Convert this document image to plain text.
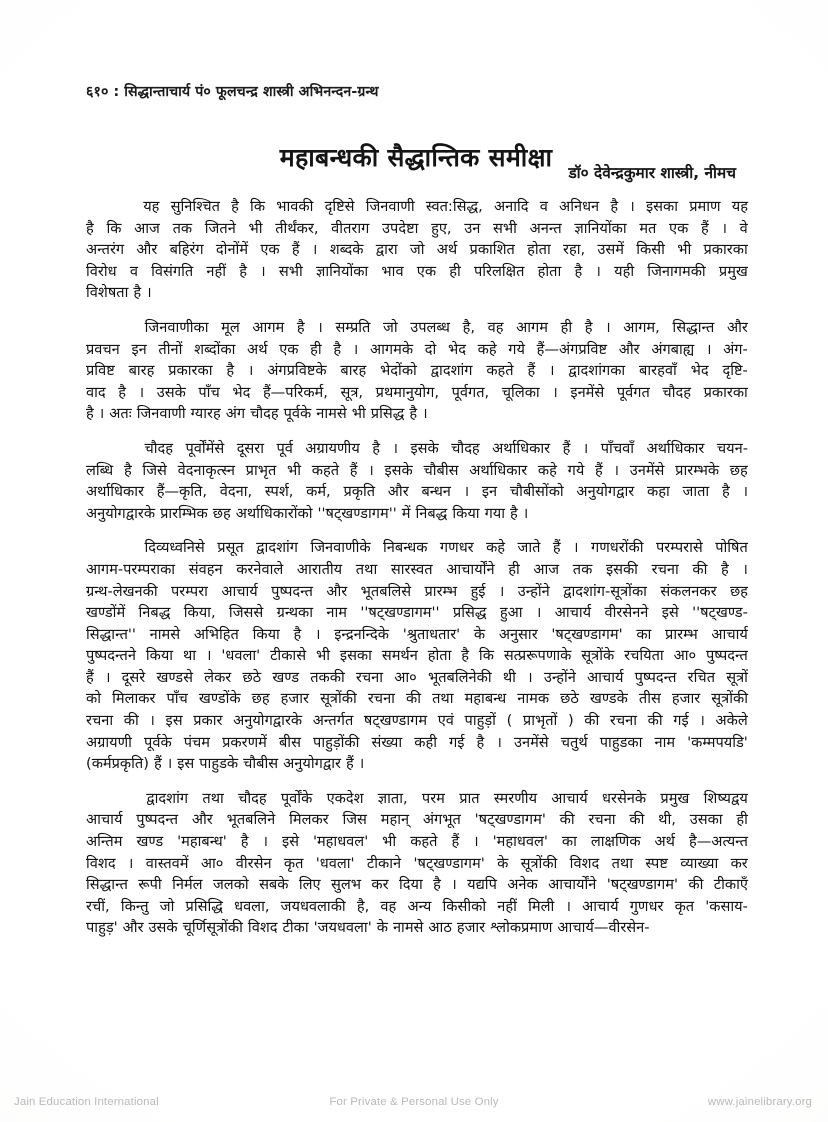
६१० : सिद्धान्ताचार्य पं० फूलचन्द्र शास्त्री अभिनन्दन-ग्रन्थ
महाबन्धकी सैद्धान्तिक समीक्षा
डॉ० देवेन्द्रकुमार शास्त्री, नीमच

यह सुनिश्चित है कि भावकी दृष्टिसे जिनवाणी स्वत:सिद्ध, अनादि व अनिधन है । इसका प्रमाण यह
है कि आज तक जितने भी तीर्थंकर, वीतराग उपदेष्टा हुए, उन सभी अनन्त ज्ञानियोंका मत एक हैं । वे
अन्तरंग और बहिरंग दोनोंमें एक हैं । शब्दके द्वारा जो अर्थ प्रकाशित होता रहा, उसमें किसी भी प्रकारका
विरोध व विसंगति नहीं है । सभी ज्ञानियोंका भाव एक ही परिलक्षित होता है । यही जिनागमकी प्रमुख
विशेषता है ।

जिनवाणीका मूल आगम है । सम्प्रति जो उपलब्ध है, वह आगम ही है । आगम, सिद्धान्त और
प्रवचन इन तीनों शब्दोंका अर्थ एक ही है । आगमके दो भेद कहे गये हैं—अंगप्रविष्ट और अंगबाह्य । अंग-
प्रविष्ट बारह प्रकारका है । अंगप्रविष्टके बारह भेदोंको द्वादशांग कहते हैं । द्वादशांगका बारहवाँ भेद दृष्टि-
वाद है । उसके पाँच भेद हैं—परिकर्म, सूत्र, प्रथमानुयोग, पूर्वगत, चूलिका । इनमेंसे पूर्वगत चौदह प्रकारका
है । अतः जिनवाणी ग्यारह अंग चौदह पूर्वके नामसे भी प्रसिद्ध है ।

चौदह पूर्वोंमेंसे दूसरा पूर्व अग्रायणीय है । इसके चौदह अर्थाधिकार हैं । पाँचवाँ अर्थाधिकार चयन-
लब्धि है जिसे वेदनाकृत्स्न प्राभृत भी कहते हैं । इसके चौबीस अर्थाधिकार कहे गये हैं । उनमेंसे प्रारम्भके छह
अर्थाधिकार हैं—कृति, वेदना, स्पर्श, कर्म, प्रकृति और बन्धन । इन चौबीसोंको अनुयोगद्वार कहा जाता है ।
अनुयोगद्वारके प्रारम्भिक छह अर्थाधिकारोंको ''षट्खण्डागम'' में निबद्ध किया गया है ।

दिव्यध्वनिसे प्रसूत द्वादशांग जिनवाणीके निबन्धक गणधर कहे जाते हैं । गणधरोंकी परम्परासे पोषित
आगम-परम्पराका संवहन करनेवाले आरातीय तथा सारस्वत आचार्योंने ही आज तक इसकी रचना की है ।
ग्रन्थ-लेखनकी परम्परा आचार्य पुष्पदन्त और भूतबलिसे प्रारम्भ हुई । उन्होंने द्वादशांग-सूत्रोंका संकलनकर छह
खण्डोंमें निबद्ध किया, जिससे ग्रन्थका नाम ''षट्खण्डागम'' प्रसिद्ध हुआ । आचार्य वीरसेनने इसे ''षट्खण्ड-
सिद्धान्त'' नामसे अभिहित किया है । इन्द्रनन्दिके 'श्रुताधतार' के अनुसार 'षट्खण्डागम' का प्रारम्भ आचार्य
पुष्पदन्तने किया था । 'धवला' टीकासे भी इसका समर्थन होता है कि सत्प्ररूपणाके सूत्रोंके रचयिता आ० पुष्पदन्त
हैं । दूसरे खण्डसे लेकर छठे खण्ड तककी रचना आ० भूतबलिनेकी थी । उन्होंने आचार्य पुष्पदन्त रचित सूत्रों
को मिलाकर पाँच खण्डोंके छह हजार सूत्रोंकी रचना की तथा महाबन्ध नामक छठे खण्डके तीस हजार सूत्रोंकी
रचना की । इस प्रकार अनुयोगद्वारके अन्तर्गत षट्खण्डागम एवं पाहुड़ों ( प्राभृतों ) की रचना की गई । अकेले
अग्रायणी पूर्वके पंचम प्रकरणमें बीस पाहुड़ोंकी संख्या कही गई है । उनमेंसे चतुर्थ पाहुडका नाम 'कम्मपयडि'
(कर्मप्रकृति) हैं । इस पाहुडके चौबीस अनुयोगद्वार हैं ।

द्वादशांग तथा चौदह पूर्वोंके एकदेश ज्ञाता, परम प्रात स्मरणीय आचार्य धरसेनके प्रमुख शिष्यद्वय
आचार्य पुष्पदन्त और भूतबलिने मिलकर जिस महान् अंगभूत 'षट्खण्डागम' की रचना की थी, उसका ही
अन्तिम खण्ड 'महाबन्ध' है । इसे 'महाधवल' भी कहते हैं । 'महाधवल' का लाक्षणिक अर्थ है—अत्यन्त
विशद । वास्तवमें आ० वीरसेन कृत 'धवला' टीकाने 'षट्खण्डागम' के सूत्रोंकी विशद तथा स्पष्ट व्याख्या कर
सिद्धान्त रूपी निर्मल जलको सबके लिए सुलभ कर दिया है । यद्यपि अनेक आचार्योंने 'षट्खण्डागम' की टीकाएँ
रचीं, किन्तु जो प्रसिद्धि धवला, जयधवलाकी है, वह अन्य किसीको नहीं मिली । आचार्य गुणधर कृत 'कसाय-
पाहुड़' और उसके चूर्णिसूत्रोंकी विशद टीका 'जयधवला' के नामसे आठ हजार श्लोकप्रमाण आचार्य—वीरसेन-
Jain Education International	For Private & Personal Use Only	www.jainelibrary.org
